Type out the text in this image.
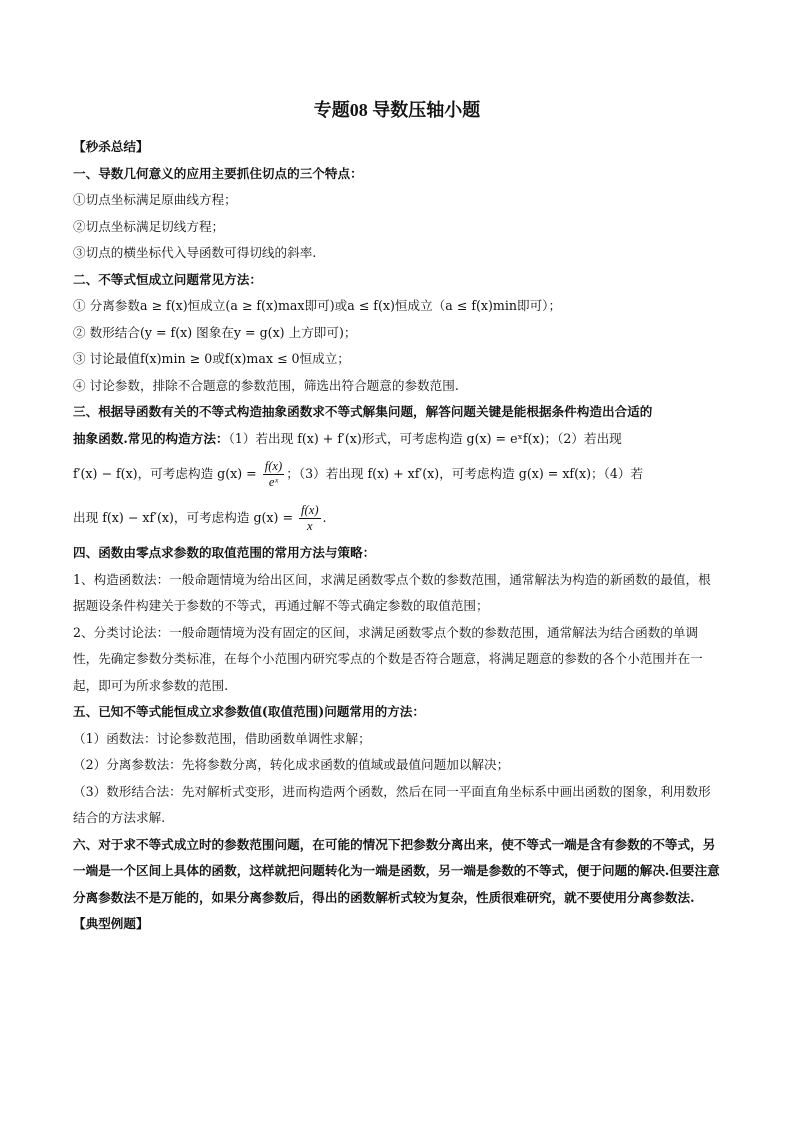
专题08 导数压轴小题
【秒杀总结】
一、导数几何意义的应用主要抓住切点的三个特点：
①切点坐标满足原曲线方程；
②切点坐标满足切线方程；
③切点的横坐标代入导函数可得切线的斜率.
二、不等式恒成立问题常见方法：
① 分离参数a ≥ f(x)恒成立(a ≥ f(x)max即可)或a ≤ f(x)恒成立（a ≤ f(x)min即可）；
② 数形结合(y = f(x) 图象在y = g(x) 上方即可)；
③ 讨论最值f(x)min ≥ 0或f(x)max ≤ 0恒成立；
④ 讨论参数，排除不合题意的参数范围，筛选出符合题意的参数范围.
三、根据导函数有关的不等式构造抽象函数求不等式解集问题，解答问题关键是能根据条件构造出合适的
抽象函数.常见的构造方法：（1）若出现 f(x) + f′(x)形式，可考虑构造 g(x) = eˣf(x)；（2）若出现
f′(x) − f(x)，可考虑构造 $g(x) = \frac{f(x)}{\text{eˣ}}$ ；（3）若出现 f(x) + xf′(x)，可考虑构造 g(x) = xf(x)；（4）若
出现 f(x) − xf′(x)，可考虑构造 $g(x) = \frac{f(x)}{x}$ .
四、函数由零点求参数的取值范围的常用方法与策略：
1、构造函数法：一般命题情境为给出区间，求满足函数零点个数的参数范围，通常解法为构造的新函数的最值，根据题设条件构建关于参数的不等式，再通过解不等式确定参数的取值范围；
2、分类讨论法：一般命题情境为没有固定的区间，求满足函数零点个数的参数范围，通常解法为结合函数的单调性，先确定参数分类标准，在每个小范围内研究零点的个数是否符合题意，将满足题意的参数的各个小范围并在一起，即可为所求参数的范围.
五、已知不等式能恒成立求参数值(取值范围)问题常用的方法：
（1）函数法：讨论参数范围，借助函数单调性求解；
（2）分离参数法：先将参数分离，转化成求函数的值域或最值问题加以解决；
（3）数形结合法：先对解析式变形，进而构造两个函数，然后在同一平面直角坐标系中画出函数的图象，利用数形结合的方法求解.
六、对于求不等式成立时的参数范围问题，在可能的情况下把参数分离出来，使不等式一端是含有参数的不等式，另一端是一个区间上具体的函数，这样就把问题转化为一端是函数，另一端是参数的不等式，便于问题的解决.但要注意分离参数法不是万能的，如果分离参数后，得出的函数解析式较为复杂，性质很难研究，就不要使用分离参数法.
【典型例题】
